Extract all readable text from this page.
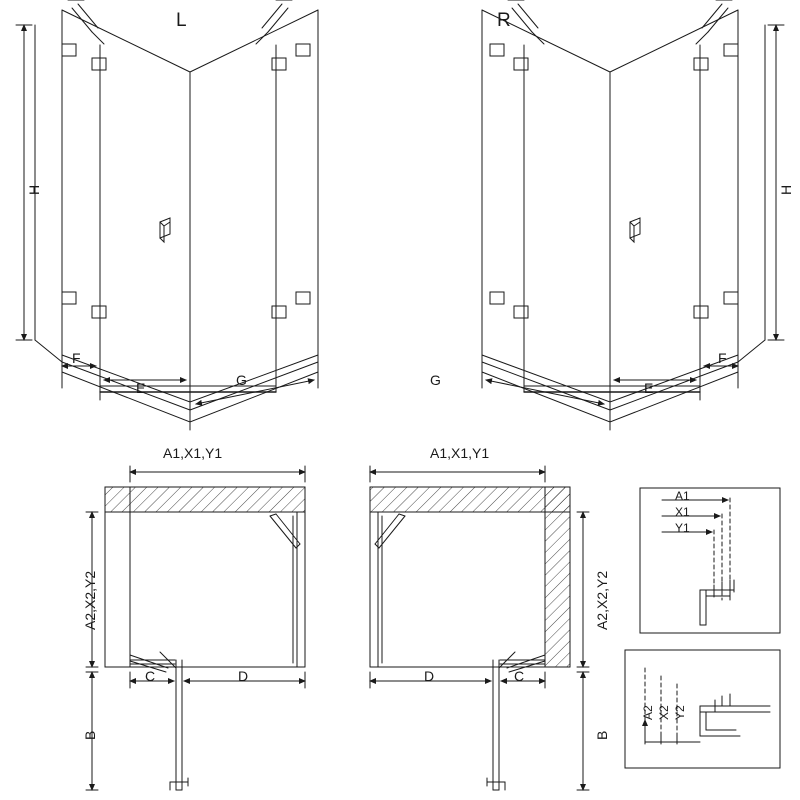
L	R
H	H
F
E	G	G	E
F
A1,X1,Y1	A1,X1,Y1
A2,X2,Y2	A2,X2,Y2
C	D	D	C
B	B
A1
X1
Y1
A2 X2 Y2
